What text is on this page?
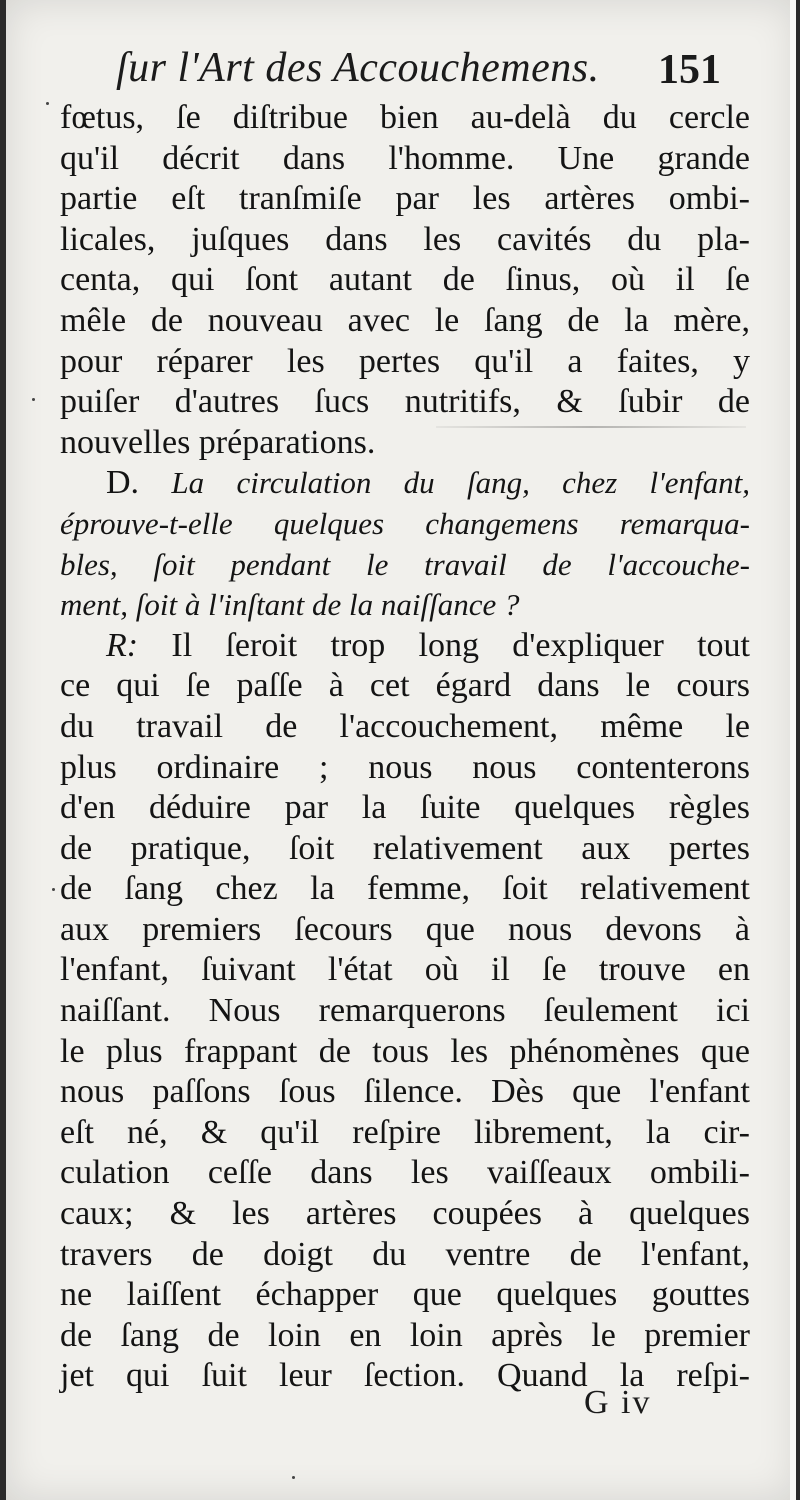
ſur l'Art des Accouchemens. 151
fœtus, ſe diſtribue bien au-delà du cercle
qu'il décrit dans l'homme. Une grande
partie eſt tranſmiſe par les artères ombi-
licales, juſques dans les cavités du pla-
centa, qui ſont autant de ſinus, où il ſe
mêle de nouveau avec le ſang de la mère,
pour réparer les pertes qu'il a faites, y
puiſer d'autres ſucs nutritifs, & ſubir de
nouvelles préparations.
D. La circulation du ſang, chez l'enfant,
éprouve-t-elle quelques changemens remarqua-
bles, ſoit pendant le travail de l'accouche-
ment, ſoit à l'inſtant de la naiſſance ?
R: Il ſeroit trop long d'expliquer tout
ce qui ſe paſſe à cet égard dans le cours
du travail de l'accouchement, même le
plus ordinaire ; nous nous contenterons
d'en déduire par la ſuite quelques règles
de pratique, ſoit relativement aux pertes
de ſang chez la femme, ſoit relativement
aux premiers ſecours que nous devons à
l'enfant, ſuivant l'état où il ſe trouve en
naiſſant. Nous remarquerons ſeulement ici
le plus frappant de tous les phénomènes que
nous paſſons ſous ſilence. Dès que l'enfant
eſt né, & qu'il reſpire librement, la cir-
culation ceſſe dans les vaiſſeaux ombili-
caux; & les artères coupées à quelques
travers de doigt du ventre de l'enfant,
ne laiſſent échapper que quelques gouttes
de ſang de loin en loin après le premier
jet qui ſuit leur ſection. Quand la reſpi-
G iv
